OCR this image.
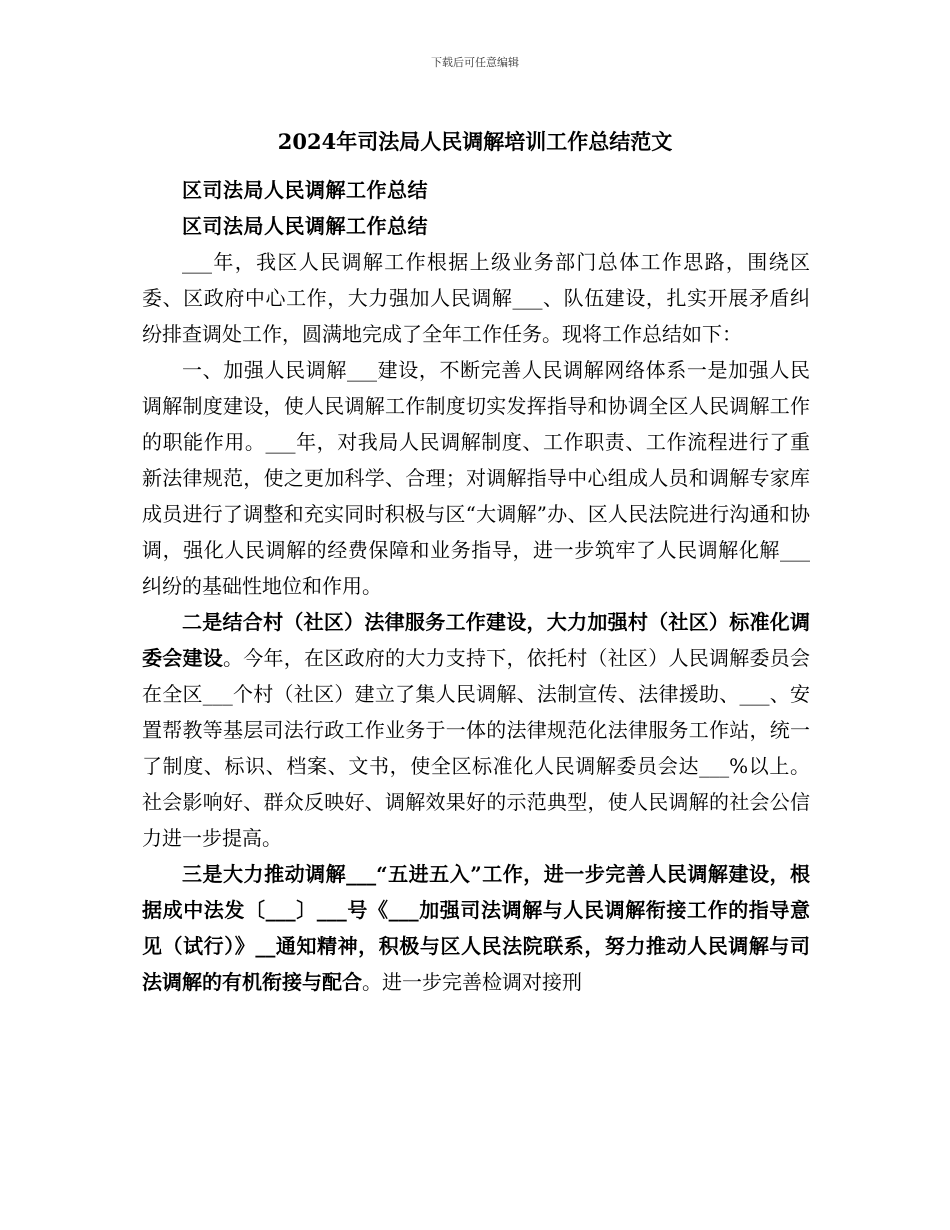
下载后可任意编辑
2024年司法局人民调解培训工作总结范文

区司法局人民调解工作总结

区司法局人民调解工作总结

___年，我区人民调解工作根据上级业务部门总体工作思路，围绕区委、区政府中心工作，大力强加人民调解___、队伍建设，扎实开展矛盾纠纷排查调处工作，圆满地完成了全年工作任务。现将工作总结如下：

一、加强人民调解___建设，不断完善人民调解网络体系一是加强人民调解制度建设，使人民调解工作制度切实发挥指导和协调全区人民调解工作的职能作用。___年，对我局人民调解制度、工作职责、工作流程进行了重新法律规范，使之更加科学、合理；对调解指导中心组成人员和调解专家库成员进行了调整和充实同时积极与区“大调解”办、区人民法院进行沟通和协调，强化人民调解的经费保障和业务指导，进一步筑牢了人民调解化解___纠纷的基础性地位和作用。

二是结合村（社区）法律服务工作建设，大力加强村（社区）标准化调委会建设。今年，在区政府的大力支持下，依托村（社区）人民调解委员会在全区___个村（社区）建立了集人民调解、法制宣传、法律援助、___、安置帮教等基层司法行政工作业务于一体的法律规范化法律服务工作站，统一了制度、标识、档案、文书，使全区标准化人民调解委员会达___%以上。社会影响好、群众反映好、调解效果好的示范典型，使人民调解的社会公信力进一步提高。

三是大力推动调解___“五进五入”工作，进一步完善人民调解建设，根据成中法发〔___〕___号《___加强司法调解与人民调解衔接工作的指导意见（试行）》__通知精神，积极与区人民法院联系，努力推动人民调解与司法调解的有机衔接与配合。进一步完善检调对接刑
